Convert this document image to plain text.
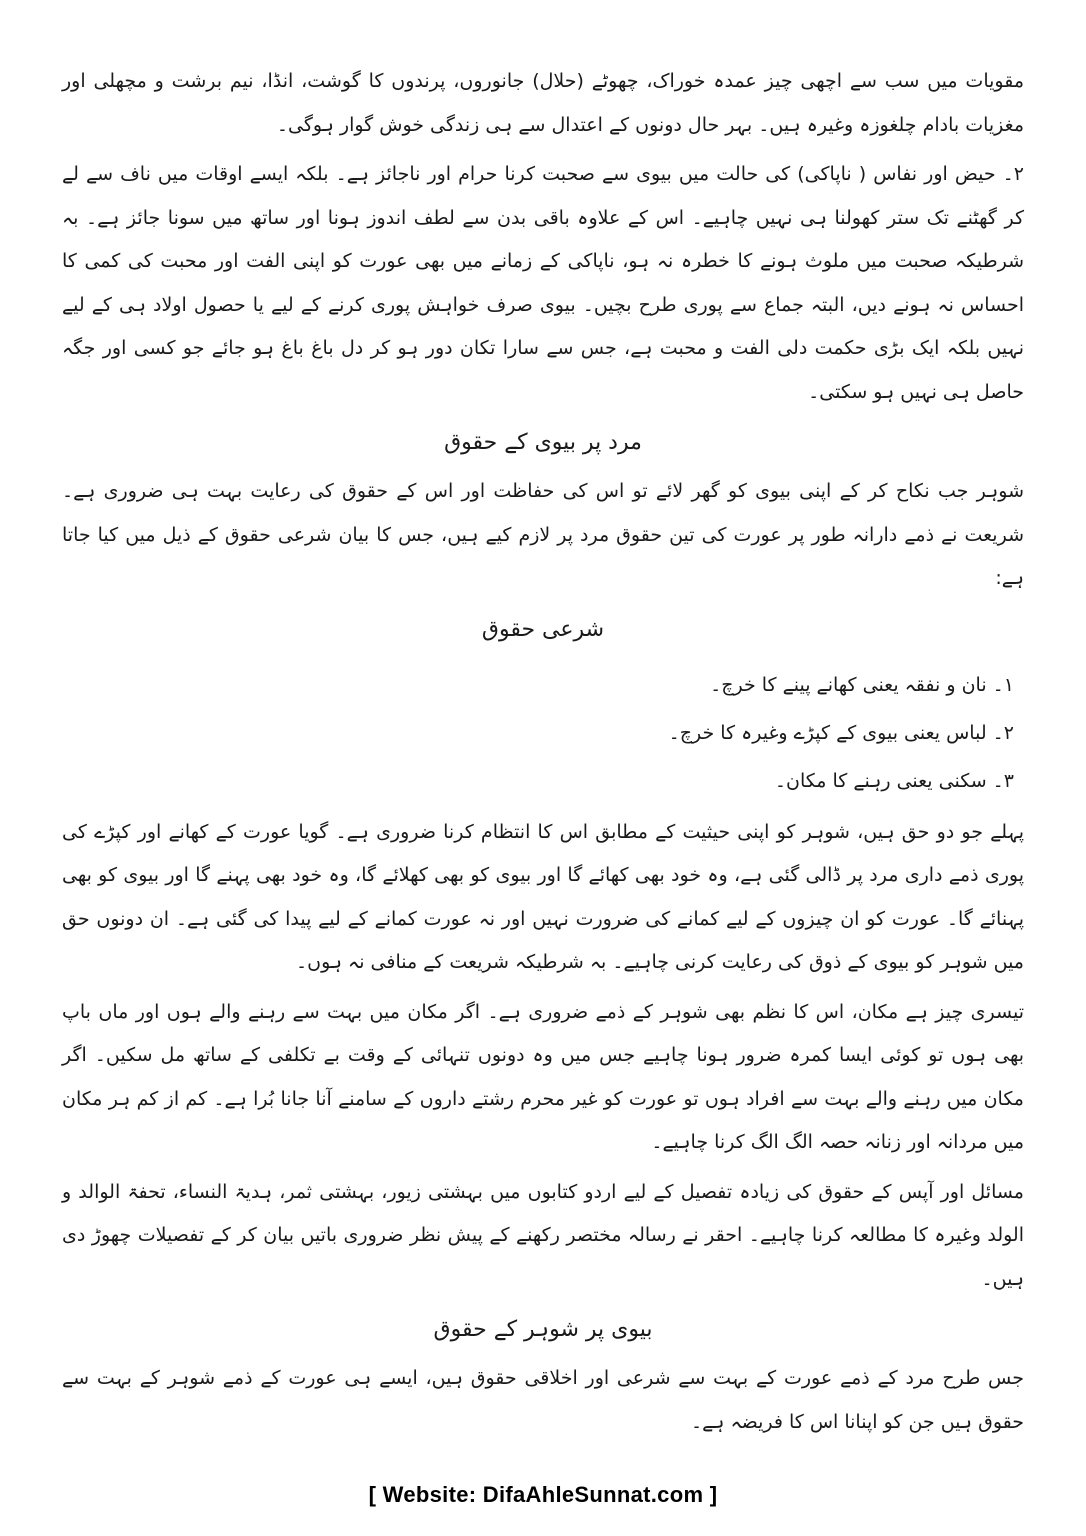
مقویات میں سب سے اچھی چیز عمدہ خوراک، چھوٹے (حلال) جانوروں، پرندوں کا گوشت، انڈا، نیم برشت و مچھلی اور مغزیات بادام چلغوزہ وغیرہ ہیں۔ بہر حال دونوں کے اعتدال سے ہی زندگی خوش گوار ہوگی۔

۲۔ حیض اور نفاس ( ناپاکی) کی حالت میں بیوی سے صحبت کرنا حرام اور ناجائز ہے۔ بلکہ ایسے اوقات میں ناف سے لے کر گھٹنے تک ستر کھولنا ہی نہیں چاہیے۔ اس کے علاوہ باقی بدن سے لطف اندوز ہونا اور ساتھ میں سونا جائز ہے۔ بہ شرطیکہ صحبت میں ملوث ہونے کا خطرہ نہ ہو، ناپاکی کے زمانے میں بھی عورت کو اپنی الفت اور محبت کی کمی کا احساس نہ ہونے دیں، البتہ جماع سے پوری طرح بچیں۔ بیوی صرف خواہش پوری کرنے کے لیے یا حصول اولاد ہی کے لیے نہیں بلکہ ایک بڑی حکمت دلی الفت و محبت ہے، جس سے سارا تکان دور ہو کر دل باغ باغ ہو جائے جو کسی اور جگہ حاصل ہی نہیں ہو سکتی۔

مرد پر بیوی کے حقوق

شوہر جب نکاح کر کے اپنی بیوی کو گھر لائے تو اس کی حفاظت اور اس کے حقوق کی رعایت بہت ہی ضروری ہے۔ شریعت نے ذمے دارانہ طور پر عورت کی تین حقوق مرد پر لازم کیے ہیں، جس کا بیان شرعی حقوق کے ذیل میں کیا جاتا ہے:

شرعی حقوق
۱۔ نان و نفقہ یعنی کھانے پینے کا خرچ۔
۲۔ لباس یعنی بیوی کے کپڑے وغیرہ کا خرچ۔
۳۔ سکنی یعنی رہنے کا مکان۔

پہلے جو دو حق ہیں، شوہر کو اپنی حیثیت کے مطابق اس کا انتظام کرنا ضروری ہے۔ گویا عورت کے کھانے اور کپڑے کی پوری ذمے داری مرد پر ڈالی گئی ہے، وہ خود بھی کھائے گا اور بیوی کو بھی کھلائے گا، وہ خود بھی پہنے گا اور بیوی کو بھی پہنائے گا۔ عورت کو ان چیزوں کے لیے کمانے کی ضرورت نہیں اور نہ عورت کمانے کے لیے پیدا کی گئی ہے۔ ان دونوں حق میں شوہر کو بیوی کے ذوق کی رعایت کرنی چاہیے۔ بہ شرطیکہ شریعت کے منافی نہ ہوں۔

تیسری چیز ہے مکان، اس کا نظم بھی شوہر کے ذمے ضروری ہے۔ اگر مکان میں بہت سے رہنے والے ہوں اور ماں باپ بھی ہوں تو کوئی ایسا کمرہ ضرور ہونا چاہیے جس میں وہ دونوں تنہائی کے وقت بے تکلفی کے ساتھ مل سکیں۔ اگر مکان میں رہنے والے بہت سے افراد ہوں تو عورت کو غیر محرم رشتے داروں کے سامنے آنا جانا بُرا ہے۔ کم از کم ہر مکان میں مردانہ اور زنانہ حصہ الگ الگ کرنا چاہیے۔

مسائل اور آپس کے حقوق کی زیادہ تفصیل کے لیے اردو کتابوں میں بہشتی زیور، بہشتی ثمر، ہدیۃ النساء، تحفۃ الوالد و الولد وغیرہ کا مطالعہ کرنا چاہیے۔ احقر نے رسالہ مختصر رکھنے کے پیش نظر ضروری باتیں بیان کر کے تفصیلات چھوڑ دی ہیں۔

بیوی پر شوہر کے حقوق

جس طرح مرد کے ذمے عورت کے بہت سے شرعی اور اخلاقی حقوق ہیں، ایسے ہی عورت کے ذمے شوہر کے بہت سے حقوق ہیں جن کو اپنانا اس کا فریضہ ہے۔

[ Website: DifaAhleSunnat.com ]
